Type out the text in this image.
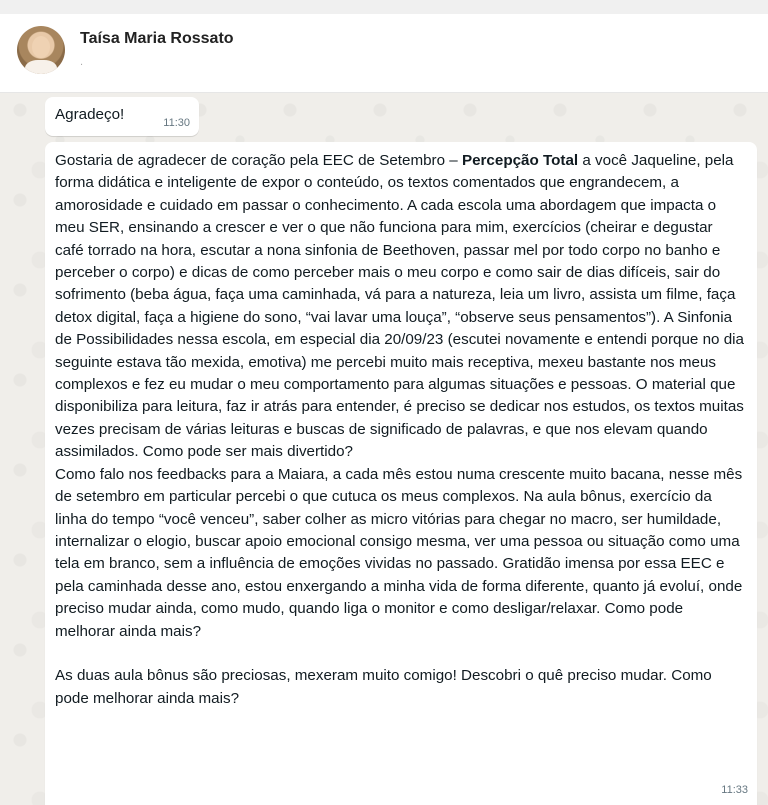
Taísa Maria Rossato
.
Agradeço!	11:30

Gostaria de agradecer de coração pela EEC de Setembro – Percepção Total a você Jaqueline, pela forma didática e inteligente de expor o conteúdo, os textos comentados que engrandecem, a amorosidade e cuidado em passar o conhecimento. A cada escola uma abordagem que impacta o meu SER, ensinando a crescer e ver o que não funciona para mim, exercícios (cheirar e degustar café torrado na hora, escutar a nona sinfonia de Beethoven, passar mel por todo corpo no banho e perceber o corpo) e dicas de como perceber mais o meu corpo e como sair de dias difíceis, sair do sofrimento (beba água, faça uma caminhada, vá para a natureza, leia um livro, assista um filme, faça detox digital, faça a higiene do sono, “vai lavar uma louça”, “observe seus pensamentos”). A Sinfonia de Possibilidades nessa escola, em especial dia 20/09/23 (escutei novamente e entendi porque no dia seguinte estava tão mexida, emotiva) me percebi muito mais receptiva, mexeu bastante nos meus complexos e fez eu mudar o meu comportamento para algumas situações e pessoas. O material que disponibiliza para leitura, faz ir atrás para entender, é preciso se dedicar nos estudos, os textos muitas vezes precisam de várias leituras e buscas de significado de palavras, e que nos elevam quando assimilados. Como pode ser mais divertido?

Como falo nos feedbacks para a Maiara, a cada mês estou numa crescente muito bacana, nesse mês de setembro em particular percebi o que cutuca os meus complexos. Na aula bônus, exercício da linha do tempo “você venceu”, saber colher as micro vitórias para chegar no macro, ser humildade, internalizar o elogio, buscar apoio emocional consigo mesma, ver uma pessoa ou situação como uma tela em branco, sem a influência de emoções vividas no passado. Gratidão imensa por essa EEC e pela caminhada desse ano, estou enxergando a minha vida de forma diferente, quanto já evoluí, onde preciso mudar ainda, como mudo, quando liga o monitor e como desligar/relaxar. Como pode melhorar ainda mais?

As duas aula bônus são preciosas, mexeram muito comigo! Descobri o quê preciso mudar. Como pode melhorar ainda mais?

11:33
